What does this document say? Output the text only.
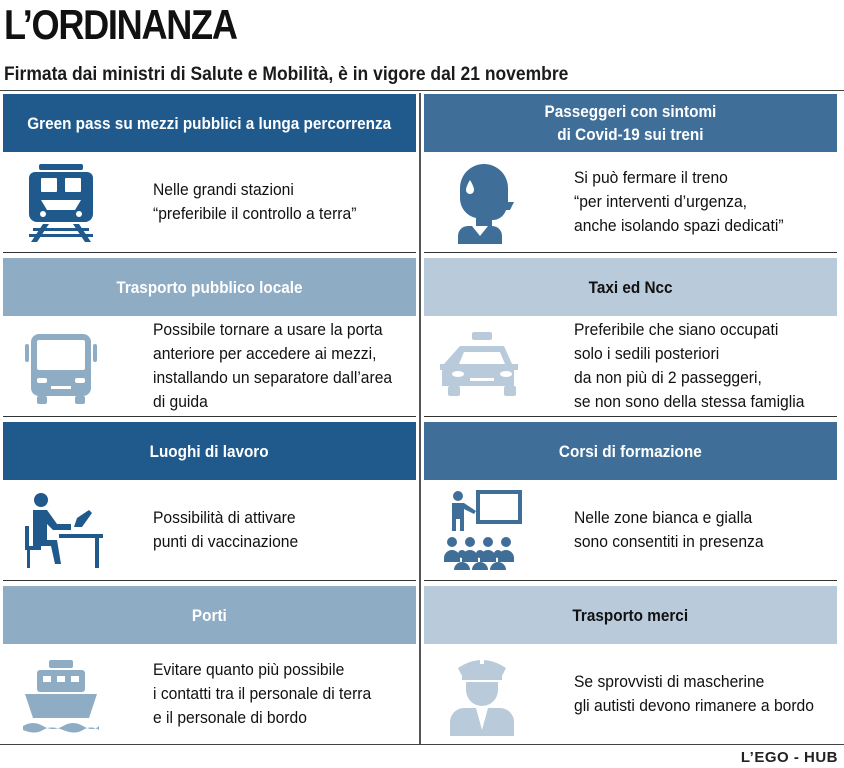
L’ORDINANZA
Firmata dai ministri di Salute e Mobilità, è in vigore dal 21 novembre
Green pass su mezzi pubblici a lunga percorrenza
Nelle grandi stazioni
“preferibile il controllo a terra”
Passeggeri con sintomi
di Covid-19 sui treni
Si può fermare il treno
“per interventi d’urgenza,
anche isolando spazi dedicati”
Trasporto pubblico locale
Possibile tornare a usare la porta
anteriore per accedere ai mezzi,
installando un separatore dall’area
di guida
Taxi ed Ncc
Preferibile che siano occupati
solo i sedili posteriori
da non più di 2 passeggeri,
se non sono della stessa famiglia
Luoghi di lavoro
Possibilità di attivare
punti di vaccinazione
Corsi di formazione
Nelle zone bianca e gialla
sono consentiti in presenza
Porti
Evitare quanto più possibile
i contatti tra il personale di terra
e il personale di bordo
Trasporto merci
Se sprovvisti di mascherine
gli autisti devono rimanere a bordo
L’EGO - HUB
